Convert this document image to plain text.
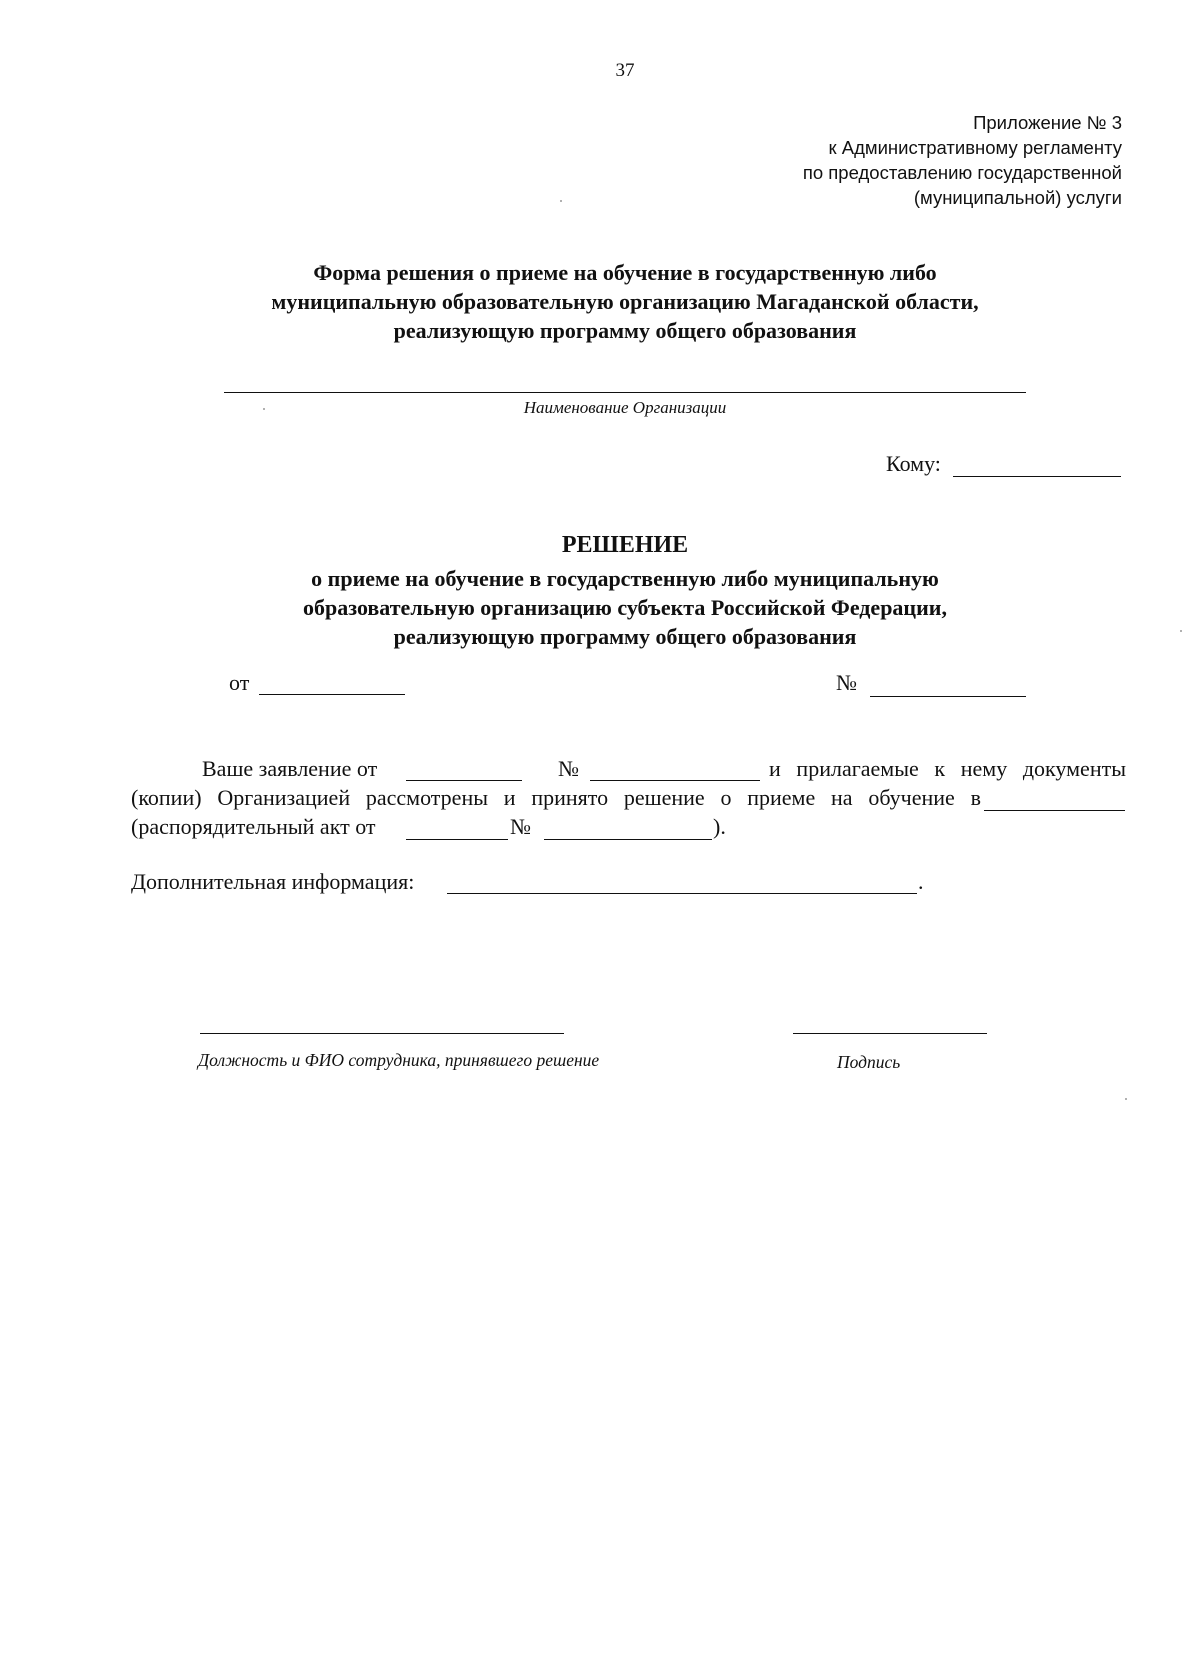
37
Приложение № 3
к Административному регламенту
по предоставлению государственной
(муниципальной) услуги
Форма решения о приеме на обучение в государственную либо
муниципальную образовательную организацию Магаданской области,
реализующую программу общего образования
Наименование Организации
Кому:
РЕШЕНИЕ
о приеме на обучение в государственную либо муниципальную
образовательную организацию субъекта Российской Федерации,
реализующую программу общего образования
от	№
Ваше заявление от	№	и прилагаемые к нему документы
(копии) Организацией рассмотрены и принято решение о приеме на обучение в
(распорядительный акт от	№	).
Дополнительная информация:	.
Должность и ФИО сотрудника, принявшего решение	Подпись
